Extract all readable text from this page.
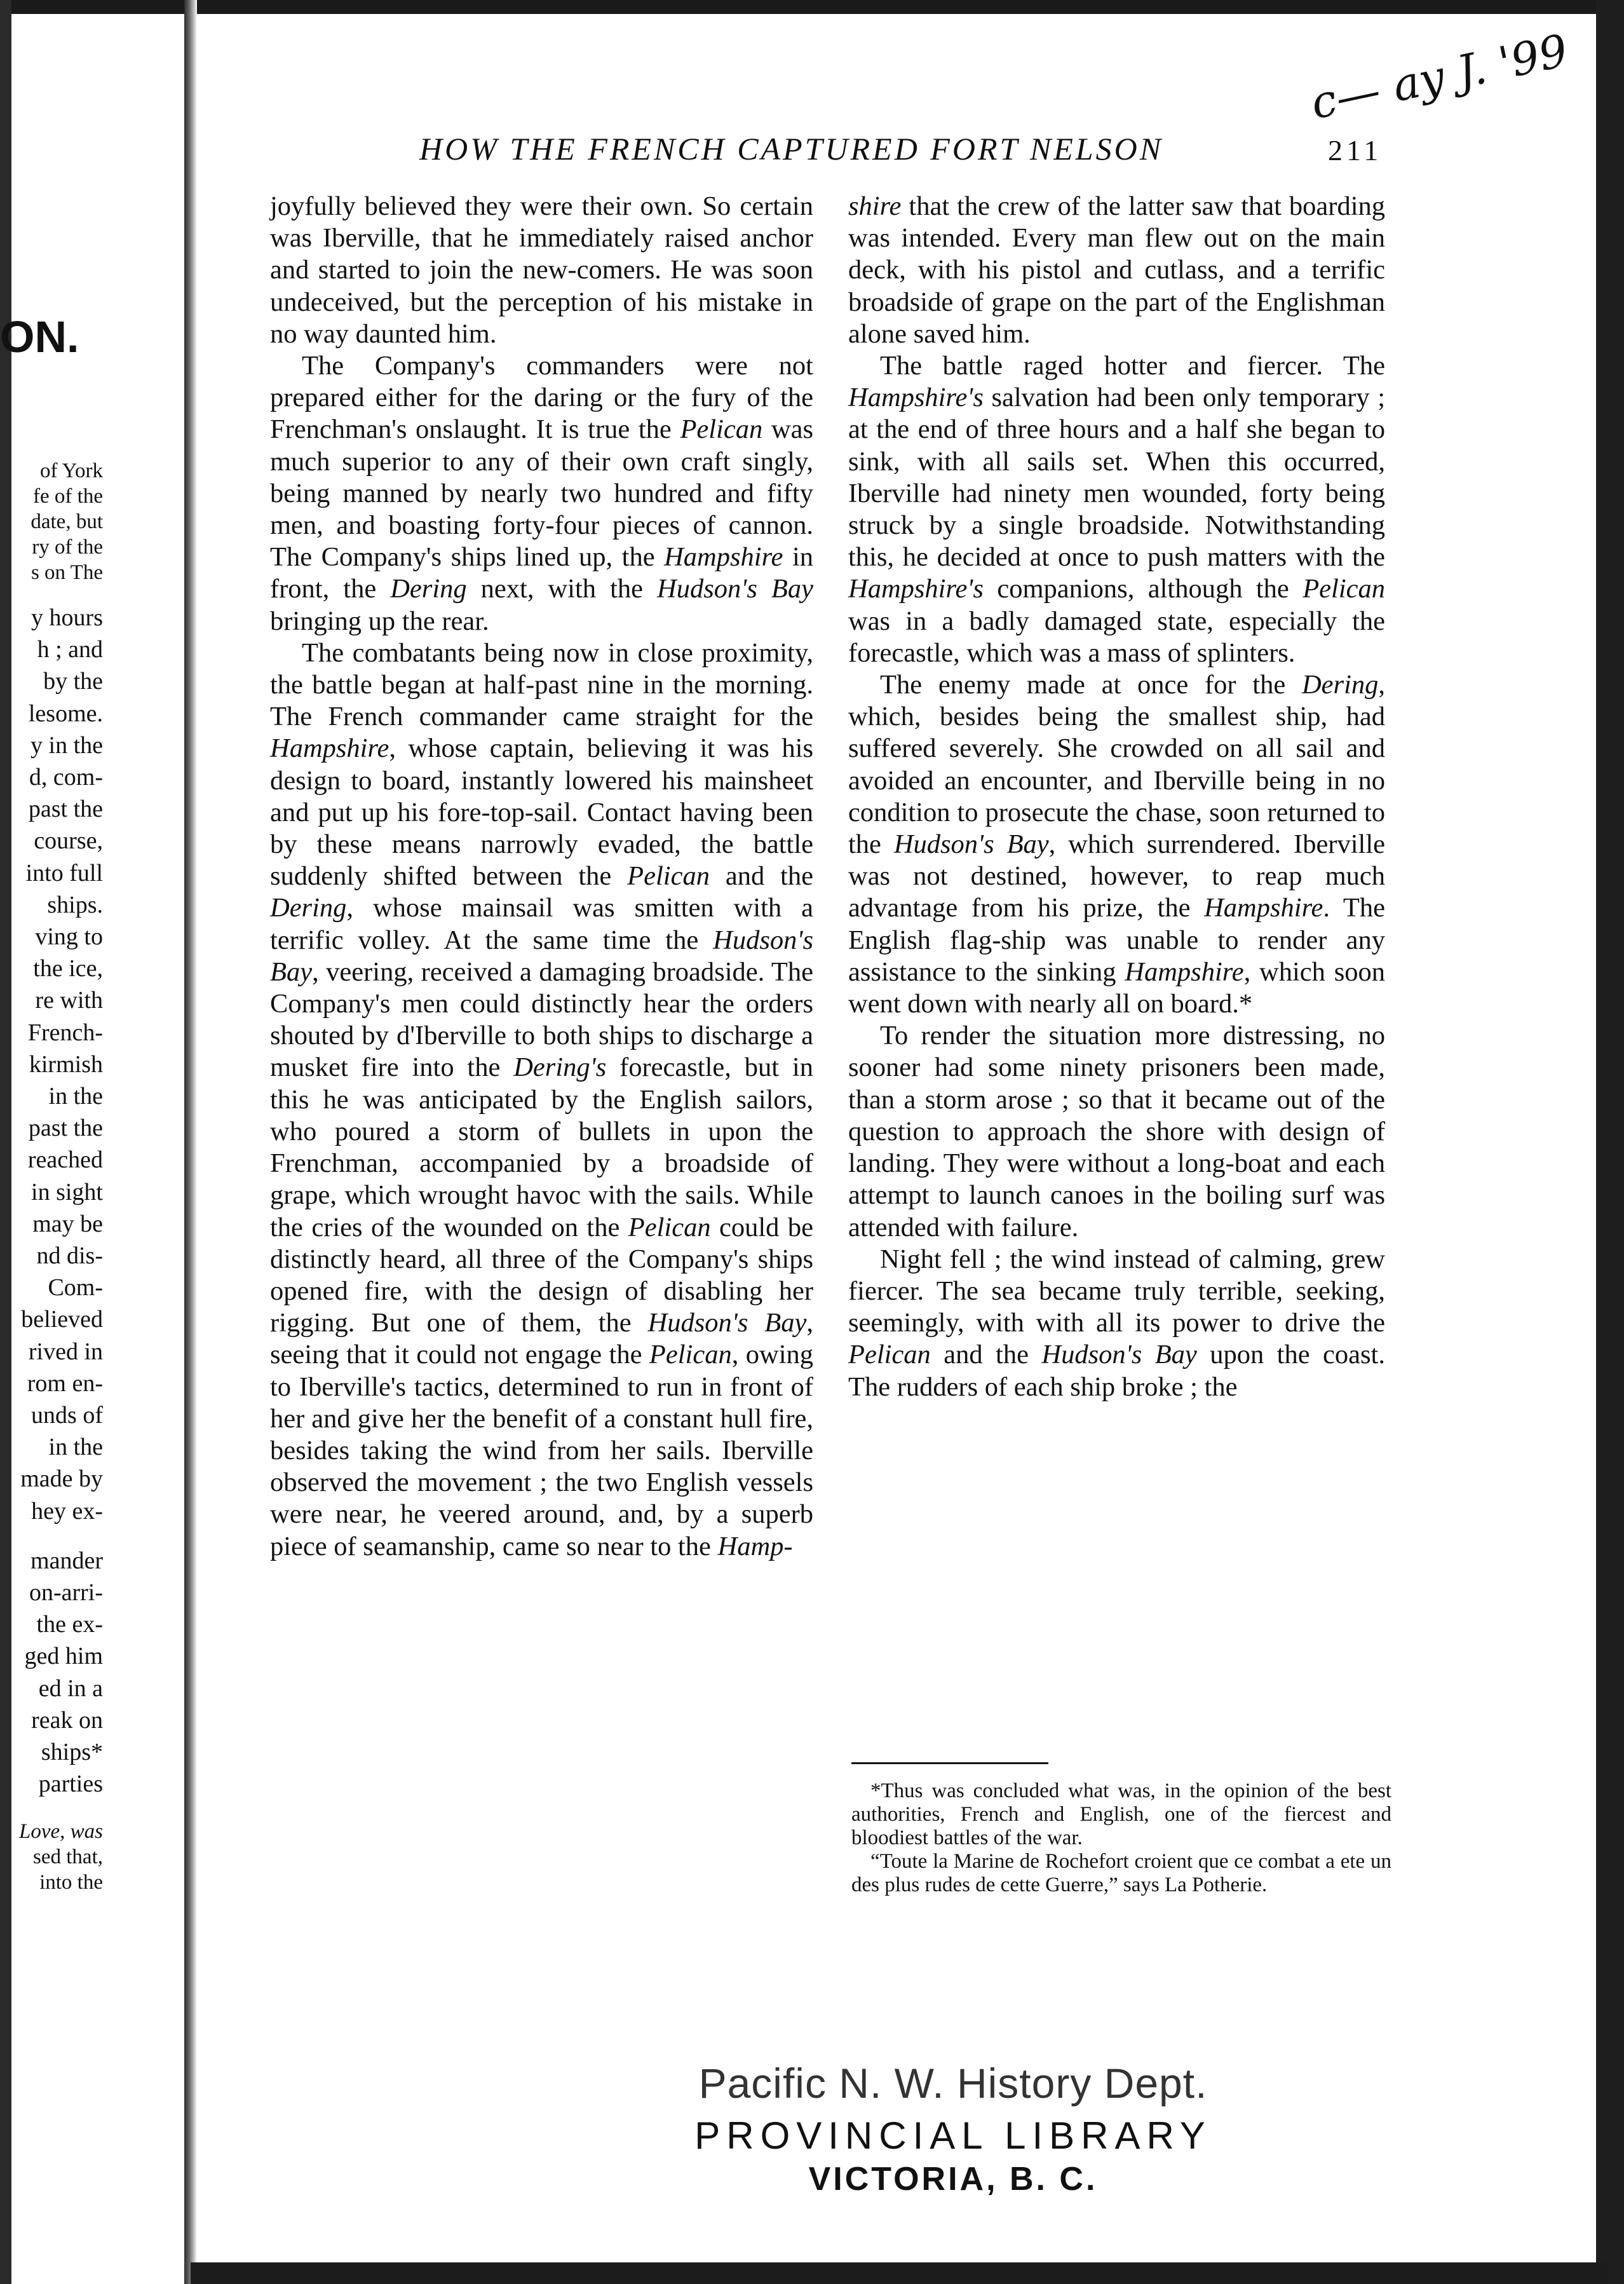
ON.
of York
fe of the
date, but
ry of the
s on The
y hours
h ; and
by the
lesome.
y in the
d, com-
past the
course,
into full
ships.
ving to
the ice,
re with
French-
kirmish
in the
past the
reached
in sight
may be
nd dis-
Com-
believed
rived in
rom en-
unds of
in the
made by
hey ex-
mander
on-arri-
the ex-
ged him
ed in a
reak on
ships*
parties
Love, was
sed that,
into the
c— ay J. '99
HOW THE FRENCH CAPTURED FORT NELSON	211

joyfully believed they were their own. So certain was Iberville, that he immediately raised anchor and started to join the new-comers. He was soon undeceived, but the perception of his mistake in no way daunted him.

The Company's commanders were not prepared either for the daring or the fury of the Frenchman's onslaught. It is true the Pelican was much superior to any of their own craft singly, being manned by nearly two hundred and fifty men, and boasting forty-four pieces of cannon. The Company's ships lined up, the Hampshire in front, the Dering next, with the Hudson's Bay bringing up the rear.

The combatants being now in close proximity, the battle began at half-past nine in the morning. The French commander came straight for the Hampshire, whose captain, believing it was his design to board, instantly lowered his mainsheet and put up his fore-top-sail. Contact having been by these means narrowly evaded, the battle suddenly shifted between the Pelican and the Dering, whose mainsail was smitten with a terrific volley. At the same time the Hudson's Bay, veering, received a damaging broadside. The Company's men could distinctly hear the orders shouted by d'Iberville to both ships to discharge a musket fire into the Dering's forecastle, but in this he was anticipated by the English sailors, who poured a storm of bullets in upon the Frenchman, accompanied by a broadside of grape, which wrought havoc with the sails. While the cries of the wounded on the Pelican could be distinctly heard, all three of the Company's ships opened fire, with the design of disabling her rigging. But one of them, the Hudson's Bay, seeing that it could not engage the Pelican, owing to Iberville's tactics, determined to run in front of her and give her the benefit of a constant hull fire, besides taking the wind from her sails. Iberville observed the movement ; the two English vessels were near, he veered around, and, by a superb piece of seamanship, came so near to the Hamp-

shire that the crew of the latter saw that boarding was intended. Every man flew out on the main deck, with his pistol and cutlass, and a terrific broadside of grape on the part of the Englishman alone saved him.

The battle raged hotter and fiercer. The Hampshire's salvation had been only temporary ; at the end of three hours and a half she began to sink, with all sails set. When this occurred, Iberville had ninety men wounded, forty being struck by a single broadside. Notwithstanding this, he decided at once to push matters with the Hampshire's companions, although the Pelican was in a badly damaged state, especially the forecastle, which was a mass of splinters.

The enemy made at once for the Dering, which, besides being the smallest ship, had suffered severely. She crowded on all sail and avoided an encounter, and Iberville being in no condition to prosecute the chase, soon returned to the Hudson's Bay, which surrendered. Iberville was not destined, however, to reap much advantage from his prize, the Hampshire. The English flag-ship was unable to render any assistance to the sinking Hampshire, which soon went down with nearly all on board.*

To render the situation more distressing, no sooner had some ninety prisoners been made, than a storm arose ; so that it became out of the question to approach the shore with design of landing. They were without a long-boat and each attempt to launch canoes in the boiling surf was attended with failure.

Night fell ; the wind instead of calming, grew fiercer. The sea became truly terrible, seeking, seemingly, with with all its power to drive the Pelican and the Hudson's Bay upon the coast. The rudders of each ship broke ; the

*Thus was concluded what was, in the opinion of the best authorities, French and English, one of the fiercest and bloodiest battles of the war.

“Toute la Marine de Rochefort croient que ce combat a ete un des plus rudes de cette Guerre,” says La Potherie.

Pacific N. W. History Dept.
PROVINCIAL LIBRARY
VICTORIA, B. C.
